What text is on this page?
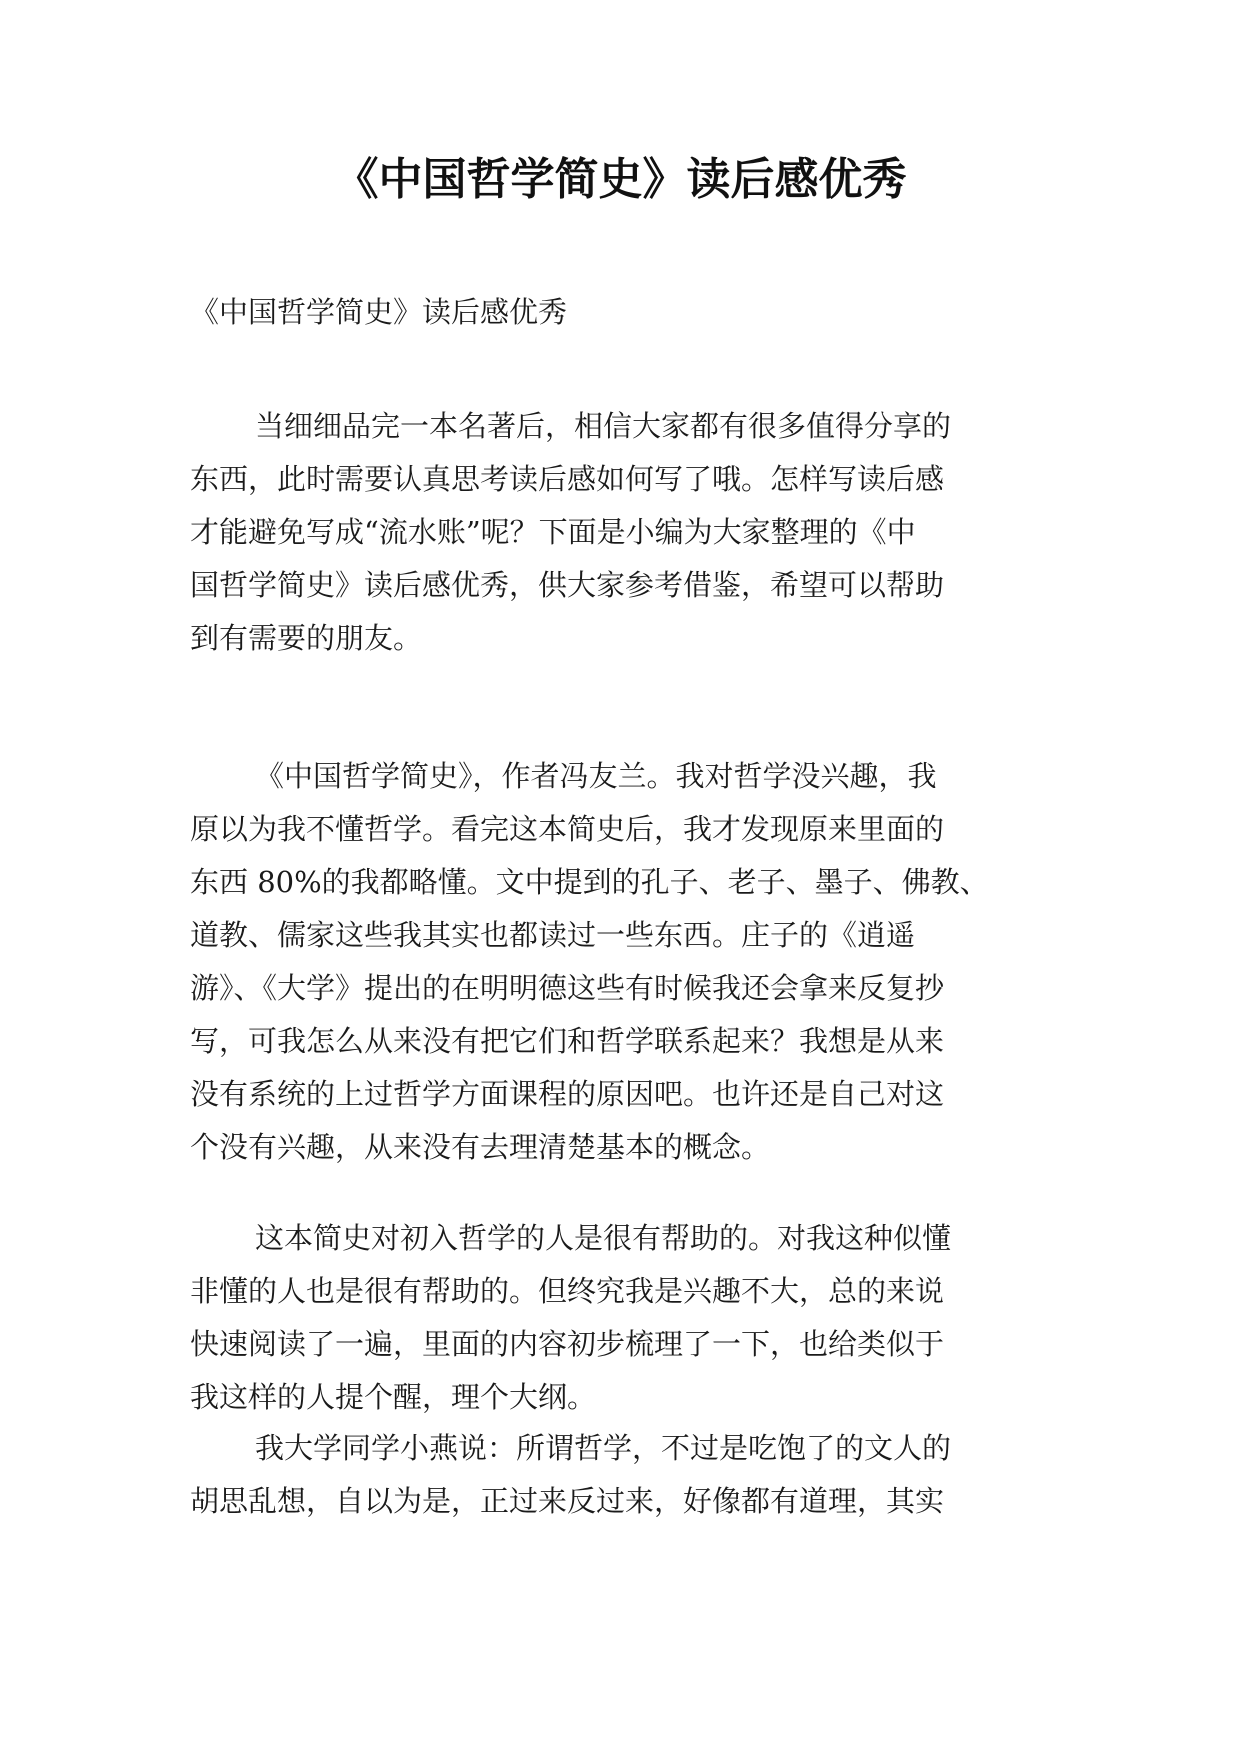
《中国哲学简史》读后感优秀

《中国哲学简史》读后感优秀

当细细品完一本名著后，相信大家都有很多值得分享的
东西，此时需要认真思考读后感如何写了哦。怎样写读后感
才能避免写成“流水账”呢？下面是小编为大家整理的《中
国哲学简史》读后感优秀，供大家参考借鉴，希望可以帮助
到有需要的朋友。
《中国哲学简史》，作者冯友兰。我对哲学没兴趣，我
原以为我不懂哲学。看完这本简史后，我才发现原来里面的
东西 80%的我都略懂。文中提到的孔子、老子、墨子、佛教、
道教、儒家这些我其实也都读过一些东西。庄子的《逍遥
游》、《大学》提出的在明明德这些有时候我还会拿来反复抄
写，可我怎么从来没有把它们和哲学联系起来？我想是从来
没有系统的上过哲学方面课程的原因吧。也许还是自己对这
个没有兴趣，从来没有去理清楚基本的概念。
这本简史对初入哲学的人是很有帮助的。对我这种似懂
非懂的人也是很有帮助的。但终究我是兴趣不大，总的来说
快速阅读了一遍，里面的内容初步梳理了一下，也给类似于
我这样的人提个醒，理个大纲。
我大学同学小燕说：所谓哲学，不过是吃饱了的文人的
胡思乱想，自以为是，正过来反过来，好像都有道理，其实
